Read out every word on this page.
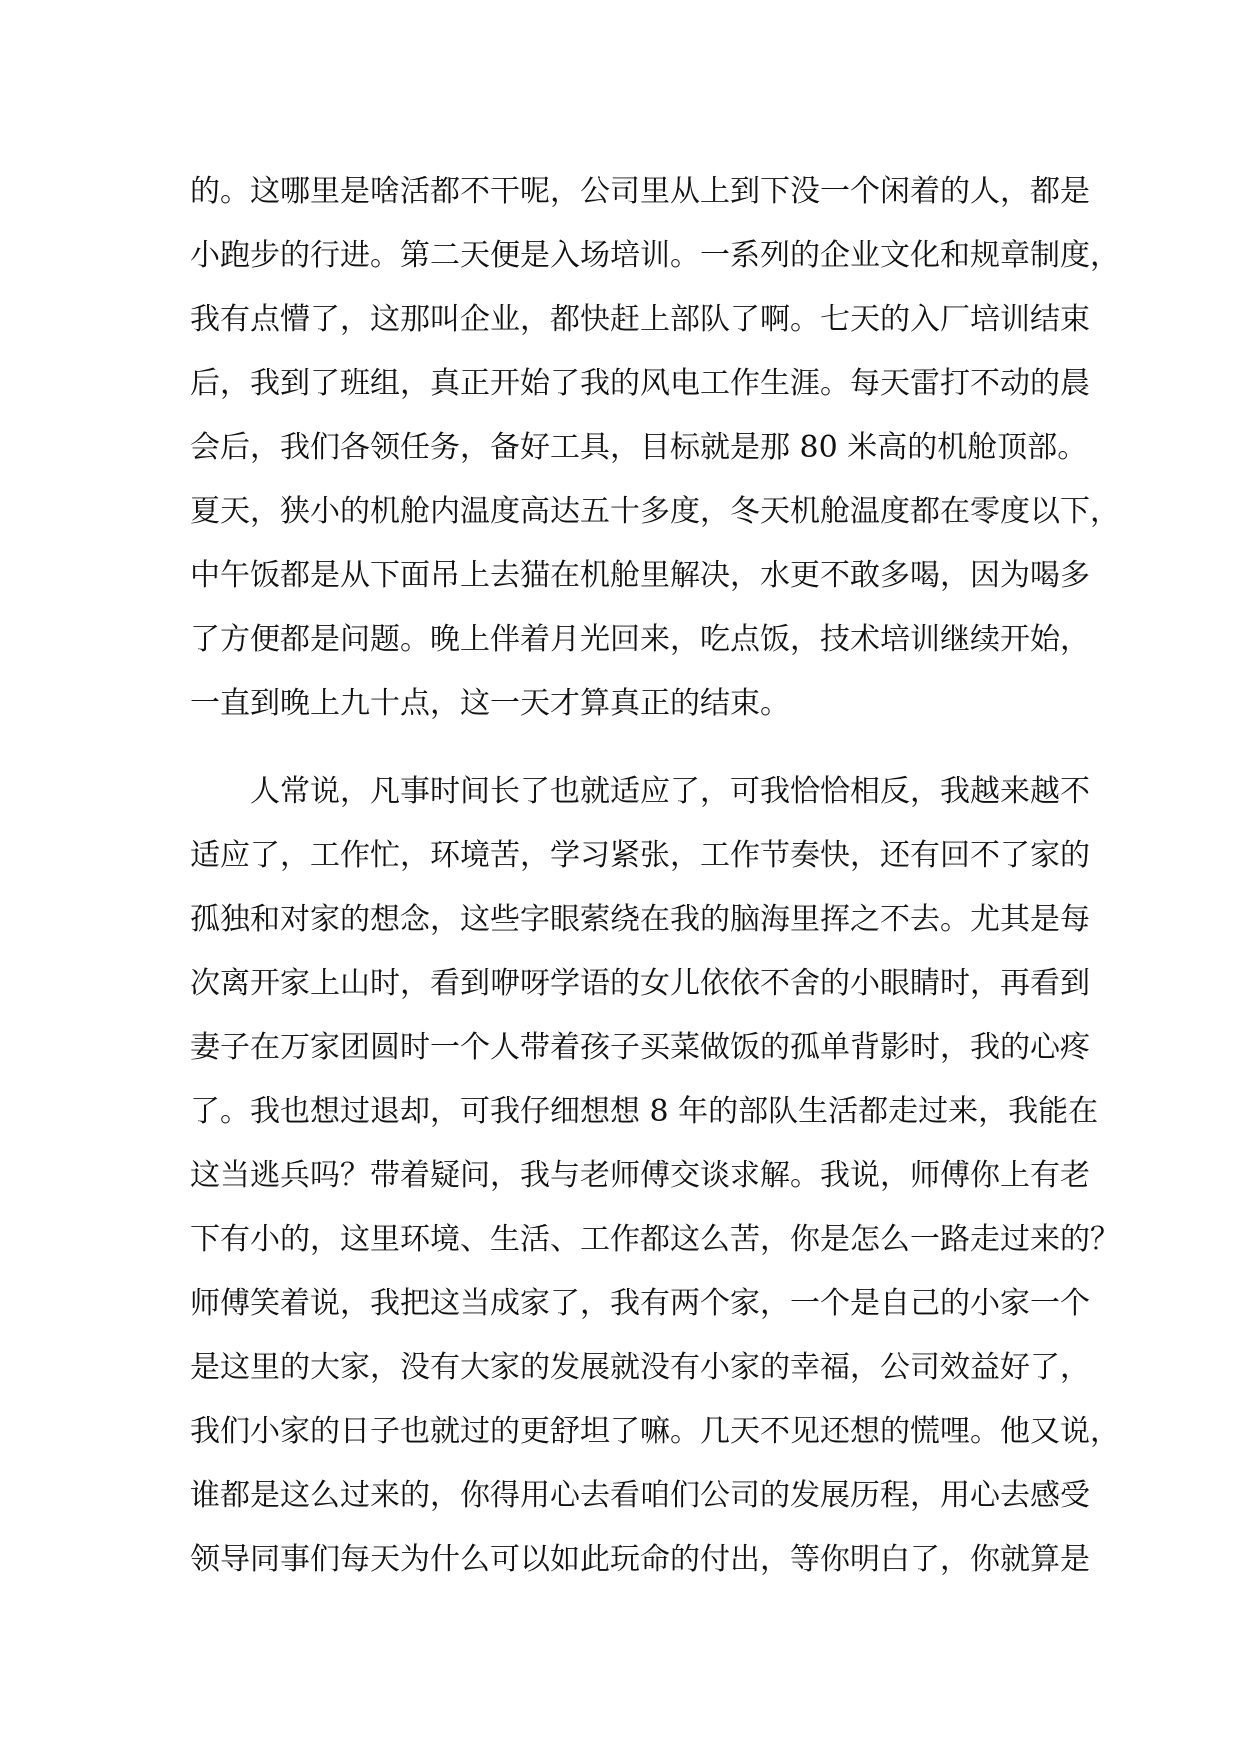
的。这哪里是啥活都不干呢，公司里从上到下没一个闲着的人，都是
小跑步的行进。第二天便是入场培训。一系列的企业文化和规章制度，
我有点懵了，这那叫企业，都快赶上部队了啊。七天的入厂培训结束
后，我到了班组，真正开始了我的风电工作生涯。每天雷打不动的晨
会后，我们各领任务，备好工具，目标就是那 80 米高的机舱顶部。
夏天，狭小的机舱内温度高达五十多度，冬天机舱温度都在零度以下，
中午饭都是从下面吊上去猫在机舱里解决，水更不敢多喝，因为喝多
了方便都是问题。晚上伴着月光回来，吃点饭，技术培训继续开始，
一直到晚上九十点，这一天才算真正的结束。
人常说，凡事时间长了也就适应了，可我恰恰相反，我越来越不
适应了，工作忙，环境苦，学习紧张，工作节奏快，还有回不了家的
孤独和对家的想念，这些字眼萦绕在我的脑海里挥之不去。尤其是每
次离开家上山时，看到咿呀学语的女儿依依不舍的小眼睛时，再看到
妻子在万家团圆时一个人带着孩子买菜做饭的孤单背影时，我的心疼
了。我也想过退却，可我仔细想想 8 年的部队生活都走过来，我能在
这当逃兵吗？带着疑问，我与老师傅交谈求解。我说，师傅你上有老
下有小的，这里环境、生活、工作都这么苦，你是怎么一路走过来的？
师傅笑着说，我把这当成家了，我有两个家，一个是自己的小家一个
是这里的大家，没有大家的发展就没有小家的幸福，公司效益好了，
我们小家的日子也就过的更舒坦了嘛。几天不见还想的慌哩。他又说，
谁都是这么过来的，你得用心去看咱们公司的发展历程，用心去感受
领导同事们每天为什么可以如此玩命的付出，等你明白了，你就算是
